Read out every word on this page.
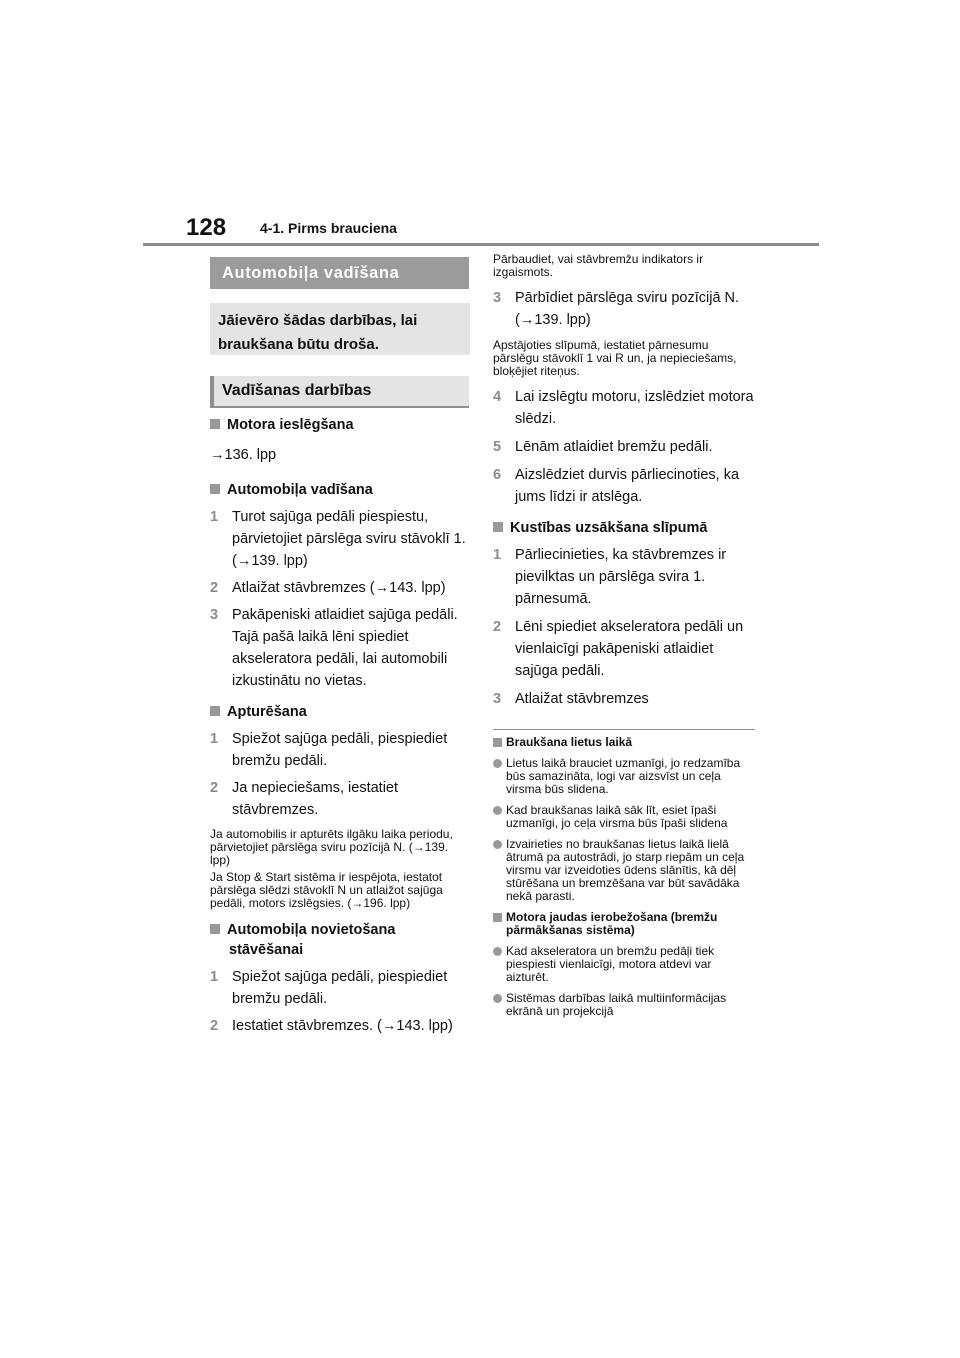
128 4-1. Pirms brauciena
Automobiļa vadīšana
Jāievēro šādas darbības, lai braukšana būtu droša.
Vadīšanas darbības

Motora ieslēgšana

→136. lpp

Automobiļa vadīšana

1 Turot sajūga pedāli piespiestu, pārvietojiet pārslēga sviru stāvoklī 1. (→139. lpp)

2 Atlaižat stāvbremzes (→143. lpp)

3 Pakāpeniski atlaidiet sajūga pedāli. Tajā pašā laikā lēni spiediet akseleratora pedāli, lai automobili izkustinātu no vietas.

Apturēšana

1 Spiežot sajūga pedāli, piespiediet bremžu pedāli.

2 Ja nepieciešams, iestatiet stāvbremzes.

Ja automobilis ir apturēts ilgāku laika periodu, pārvietojiet pārslēga sviru pozīcijā N. (→139. lpp)

Ja Stop & Start sistēma ir iespējota, iestatot pārslēga slēdzi stāvoklī N un atlaižot sajūga pedāli, motors izslēgsies. (→196. lpp)

Automobiļa novietošana stāvēšanai

1 Spiežot sajūga pedāli, piespiediet bremžu pedāli.

2 Iestatiet stāvbremzes. (→143. lpp)

Pārbaudiet, vai stāvbremžu indikators ir izgaismots.

3 Pārbīdiet pārslēga sviru pozīcijā N. (→139. lpp)

Apstājoties slīpumā, iestatiet pārnesumu pārslēgu stāvoklī 1 vai R un, ja nepieciešams, bloķējiet riteņus.

4 Lai izslēgtu motoru, izslēdziet motora slēdzi.

5 Lēnām atlaidiet bremžu pedāli.

6 Aizslēdziet durvis pārliecinoties, ka jums līdzi ir atslēga.

Kustības uzsākšana slīpumā

1 Pārliecinieties, ka stāvbremzes ir pievilktas un pārslēga svira 1. pārnesumā.

2 Lēni spiediet akseleratora pedāli un vienlaicīgi pakāpeniski atlaidiet sajūga pedāli.

3 Atlaižat stāvbremzes

Braukšana lietus laikā

Lietus laikā brauciet uzmanīgi, jo redzamība būs samazināta, logi var aizsvīst un ceļa virsma būs slidena.

Kad braukšanas laikā sāk līt, esiet īpaši uzmanīgi, jo ceļa virsma būs īpaši slidena

Izvairieties no braukšanas lietus laikā lielā ātrumā pa autostrādi, jo starp riepām un ceļa virsmu var izveidoties ūdens slānītis, kā dēļ stūrēšana un bremzēšana var būt savādāka nekā parasti.

Motora jaudas ierobežošana (bremžu pārmākšanas sistēma)

Kad akseleratora un bremžu pedāļi tiek piespiesti vienlaicīgi, motora atdevi var aizturēt.

Sistēmas darbības laikā multiinformācijas ekrānā un projekcijā
